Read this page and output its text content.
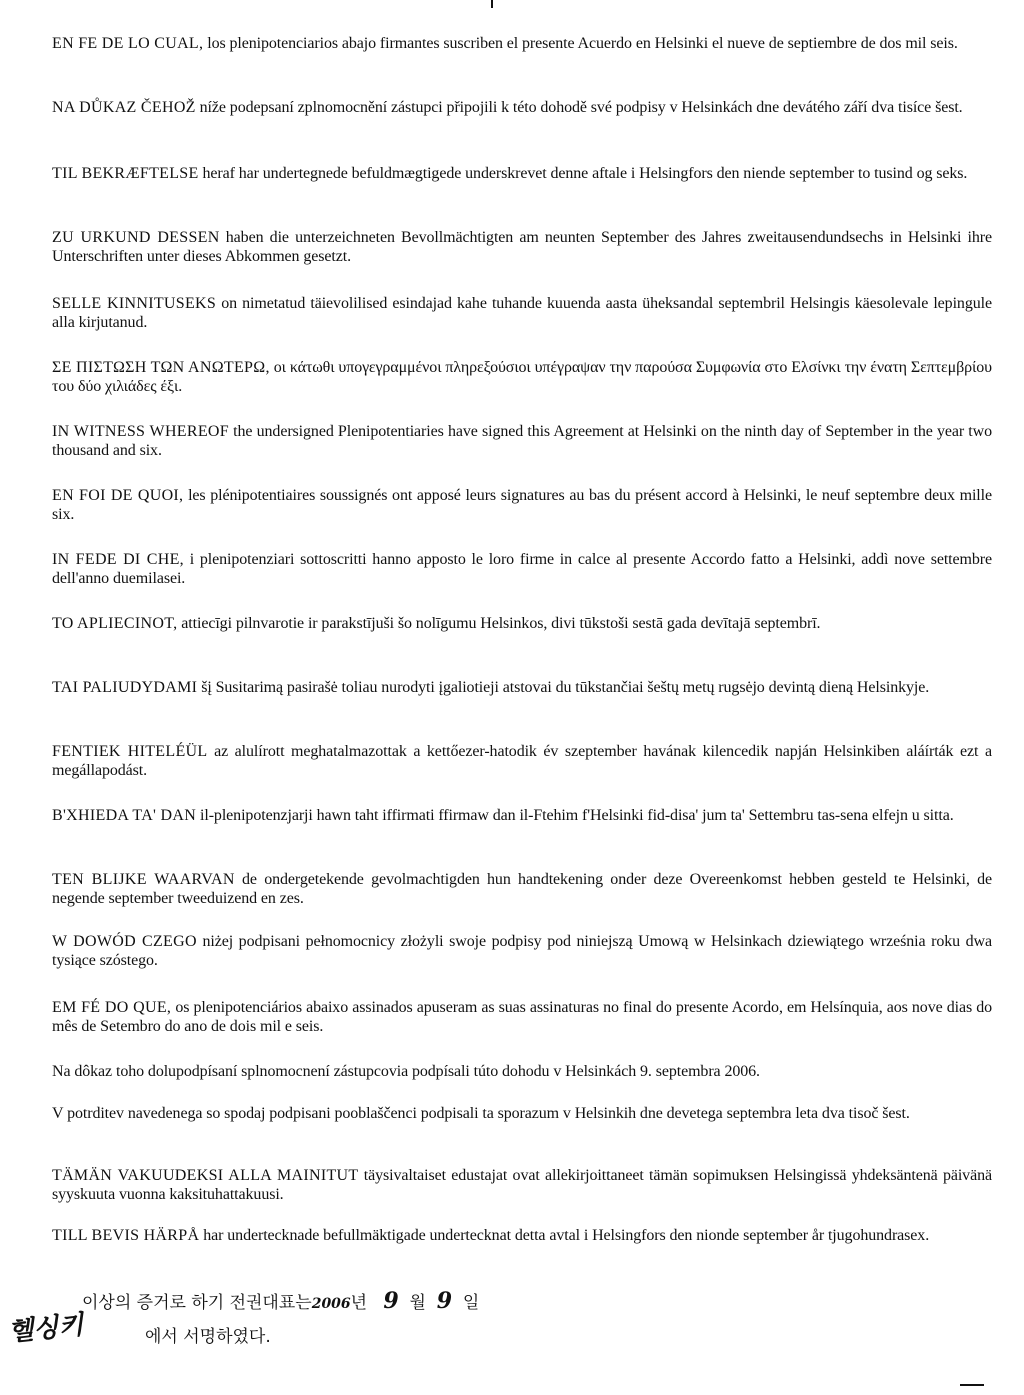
EN FE DE LO CUAL, los plenipotenciarios abajo firmantes suscriben el presente Acuerdo en Helsinki el nueve de septiembre de dos mil seis.

NA DŮKAZ ČEHOŽ níže podepsaní zplnomocnění zástupci připojili k této dohodě své podpisy v Helsinkách dne devátého září dva tisíce šest.

TIL BEKRÆFTELSE heraf har undertegnede befuldmægtigede underskrevet denne aftale i Helsingfors den niende september to tusind og seks.

ZU URKUND DESSEN haben die unterzeichneten Bevollmächtigten am neunten September des Jahres zweitausendundsechs in Helsinki ihre Unterschriften unter dieses Abkommen gesetzt.

SELLE KINNITUSEKS on nimetatud täievolilised esindajad kahe tuhande kuuenda aasta üheksandal septembril Helsingis käesolevale lepingule alla kirjutanud.

ΣΕ ΠΙΣΤΩΣΗ ΤΩΝ ΑΝΩΤΕΡΩ, οι κάτωθι υπογεγραμμένοι πληρεξούσιοι υπέγραψαν την παρούσα Συμφωνία στο Ελσίνκι την ένατη Σεπτεμβρίου του δύο χιλιάδες έξι.

IN WITNESS WHEREOF the undersigned Plenipotentiaries have signed this Agreement at Helsinki on the ninth day of September in the year two thousand and six.

EN FOI DE QUOI, les plénipotentiaires soussignés ont apposé leurs signatures au bas du présent accord à Helsinki, le neuf septembre deux mille six.

IN FEDE DI CHE, i plenipotenziari sottoscritti hanno apposto le loro firme in calce al presente Accordo fatto a Helsinki, addì nove settembre dell'anno duemilasei.

TO APLIECINOT, attiecīgi pilnvarotie ir parakstījuši šo nolīgumu Helsinkos, divi tūkstoši sestā gada devītajā septembrī.

TAI PALIUDYDAMI šį Susitarimą pasirašė toliau nurodyti įgaliotieji atstovai du tūkstančiai šeštų metų rugsėjo devintą dieną Helsinkyje.

FENTIEK HITELÉÜL az alulírott meghatalmazottak a kettőezer-hatodik év szeptember havának kilencedik napján Helsinkiben aláírták ezt a megállapodást.

B'XHIEDA TA' DAN il-plenipotenzjarji hawn taht iffirmati ffirmaw dan il-Ftehim f'Helsinki fid-disa' jum ta' Settembru tas-sena elfejn u sitta.

TEN BLIJKE WAARVAN de ondergetekende gevolmachtigden hun handtekening onder deze Overeenkomst hebben gesteld te Helsinki, de negende september tweeduizend en zes.

W DOWÓD CZEGO niżej podpisani pełnomocnicy złożyli swoje podpisy pod niniejszą Umową w Helsinkach dziewiątego września roku dwa tysiące szóstego.

EM FÉ DO QUE, os plenipotenciários abaixo assinados apuseram as suas assinaturas no final do presente Acordo, em Helsínquia, aos nove dias do mês de Setembro do ano de dois mil e seis.

Na dôkaz toho dolupodpísaní splnomocnení zástupcovia podpísali túto dohodu v Helsinkách 9. septembra 2006.

V potrditev navedenega so spodaj podpisani pooblaščenci podpisali ta sporazum v Helsinkih dne devetega septembra leta dva tisoč šest.

TÄMÄN VAKUUDEKSI ALLA MAINITUT täysivaltaiset edustajat ovat allekirjoittaneet tämän sopimuksen Helsingissä yhdeksäntenä päivänä syyskuuta vuonna kaksituhattakuusi.

TILL BEVIS HÄRPÅ har undertecknade befullmäktigade undertecknat detta avtal i Helsingfors den nionde september år tjugohundrasex.

이상의 증거로 하기 전권대표는2006년 9 월 9 일
헬싱키	에서 서명하였다.
